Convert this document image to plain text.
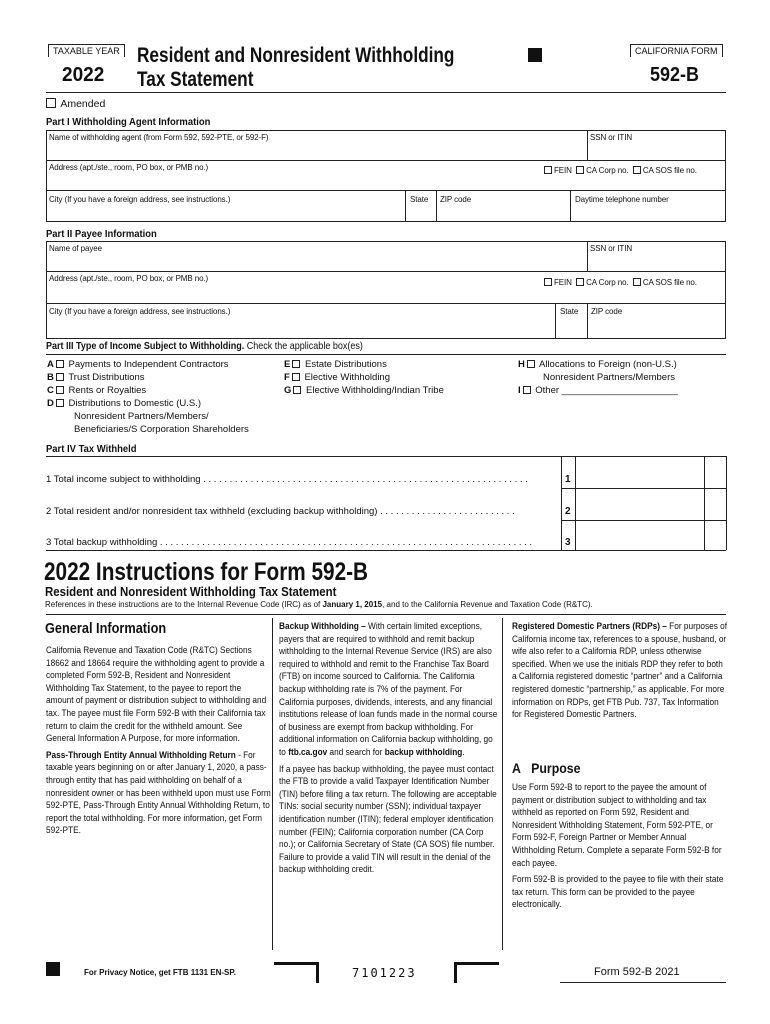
TAXABLE YEAR
2022
Resident and Nonresident Withholding
Tax Statement
CALIFORNIA FORM
592-B
Amended
Part I Withholding Agent Information
Name of withholding agent (from Form 592, 592-PTE, or 592-F)	SSN or ITIN
Address (apt./ste., room, PO box, or PMB no.)	FEIN CA Corp no. CA SOS file no.
City (If you have a foreign address, see instructions.)	State ZIP code	Daytime telephone number
Part II Payee Information
Name of payee	SSN or ITIN
Address (apt./ste., room, PO box, or PMB no.)	FEIN CA Corp no. CA SOS file no.
City (If you have a foreign address, see instructions.)	State ZIP code
Part III Type of Income Subject to Withholding. Check the applicable box(es)
A Payments to Independent Contractors
B Trust Distributions
C Rents or Royalties
D Distributions to Domestic (U.S.)
Nonresident Partners/Members/
Beneficiaries/S Corporation Shareholders
E Estate Distributions
F Elective Withholding
G Elective Withholding/Indian Tribe
H Allocations to Foreign (non-U.S.)
Nonresident Partners/Members
I Other ______________________
Part IV Tax Withheld
1 Total income subject to withholding . . . . . . . . . . . . . . . . . . . . . . . . . . . . . . . . . . . . . . . . . . . . . . . . . . . . . . . . . . . . . .	1
2 Total resident and/or nonresident tax withheld (excluding backup withholding) . . . . . . . . . . . . . . . . . . . . . . . . . .	2
3 Total backup withholding . . . . . . . . . . . . . . . . . . . . . . . . . . . . . . . . . . . . . . . . . . . . . . . . . . . . . . . . . . . . . . . . . . . . . . .	3
2022 Instructions for Form 592-B
Resident and Nonresident Withholding Tax Statement
References in these instructions are to the Internal Revenue Code (IRC) as of January 1, 2015, and to the California Revenue and Taxation Code (R&TC).
General Information

California Revenue and Taxation Code (R&TC) Sections 18662 and 18664 require the withholding agent to provide a completed Form 592-B, Resident and Nonresident Withholding Tax Statement, to the payee to report the amount of payment or distribution subject to withholding and tax. The payee must file Form 592-B with their California tax return to claim the credit for the withheld amount. See General Information A Purpose, for more information.

Pass-Through Entity Annual Withholding Return - For taxable years beginning on or after January 1, 2020, a pass-through entity that has paid withholding on behalf of a nonresident owner or has been withheld upon must use Form 592-PTE, Pass-Through Entity Annual Withholding Return, to report the total withholding. For more information, get Form 592-PTE.

Backup Withholding – With certain limited exceptions, payers that are required to withhold and remit backup withholding to the Internal Revenue Service (IRS) are also required to withhold and remit to the Franchise Tax Board (FTB) on income sourced to California. The California backup withholding rate is 7% of the payment. For California purposes, dividends, interests, and any financial institutions release of loan funds made in the normal course of business are exempt from backup withholding. For additional information on California backup withholding, go to ftb.ca.gov and search for backup withholding.

If a payee has backup withholding, the payee must contact the FTB to provide a valid Taxpayer Identification Number (TIN) before filing a tax return. The following are acceptable TINs: social security number (SSN); individual taxpayer identification number (ITIN); federal employer identification number (FEIN); California corporation number (CA Corp no.); or California Secretary of State (CA SOS) file number. Failure to provide a valid TIN will result in the denial of the backup withholding credit.

Registered Domestic Partners (RDPs) – For purposes of California income tax, references to a spouse, husband, or wife also refer to a California RDP, unless otherwise specified. When we use the initials RDP they refer to both a California registered domestic “partner” and a California registered domestic “partnership,” as applicable. For more information on RDPs, get FTB Pub. 737, Tax Information for Registered Domestic Partners.

A Purpose

Use Form 592-B to report to the payee the amount of payment or distribution subject to withholding and tax withheld as reported on Form 592, Resident and Nonresident Withholding Statement, Form 592-PTE, or Form 592-F, Foreign Partner or Member Annual Withholding Return. Complete a separate Form 592-B for each payee.

Form 592-B is provided to the payee to file with their state tax return. This form can be provided to the payee electronically.

For Privacy Notice, get FTB 1131 EN-SP.	7101223	Form 592-B 2021
